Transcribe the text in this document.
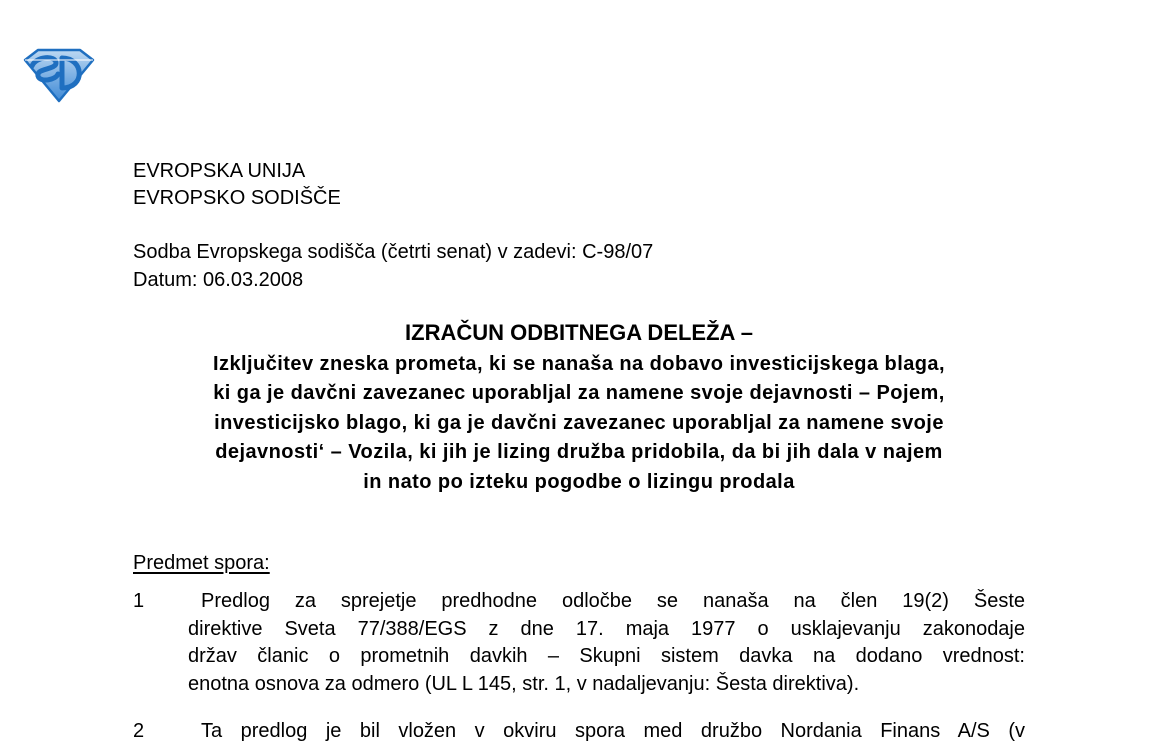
EVROPSKA UNIJA
EVROPSKO SODIŠČE
Sodba Evropskega sodišča (četrti senat) v zadevi: C-98/07
Datum: 06.03.2008
IZRAČUN ODBITNEGA DELEŽA –
Izključitev zneska prometa, ki se nanaša na dobavo investicijskega blaga,
ki ga je davčni zavezanec uporabljal za namene svoje dejavnosti – Pojem,
investicijsko blago, ki ga je davčni zavezanec uporabljal za namene svoje
dejavnosti‘ – Vozila, ki jih je lizing družba pridobila, da bi jih dala v najem
in nato po izteku pogodbe o lizingu prodala
Predmet spora:
1	Predlog za sprejetje predhodne odločbe se nanaša na člen 19(2) Šeste
direktive Sveta 77/388/EGS z dne 17. maja 1977 o usklajevanju zakonodaje
držav članic o prometnih davkih – Skupni sistem davka na dodano vrednost:
enotna osnova za odmero (UL L 145, str. 1, v nadaljevanju: Šesta direktiva).
2	Ta predlog je bil vložen v okviru spora med družbo Nordania Finans A/S (v
